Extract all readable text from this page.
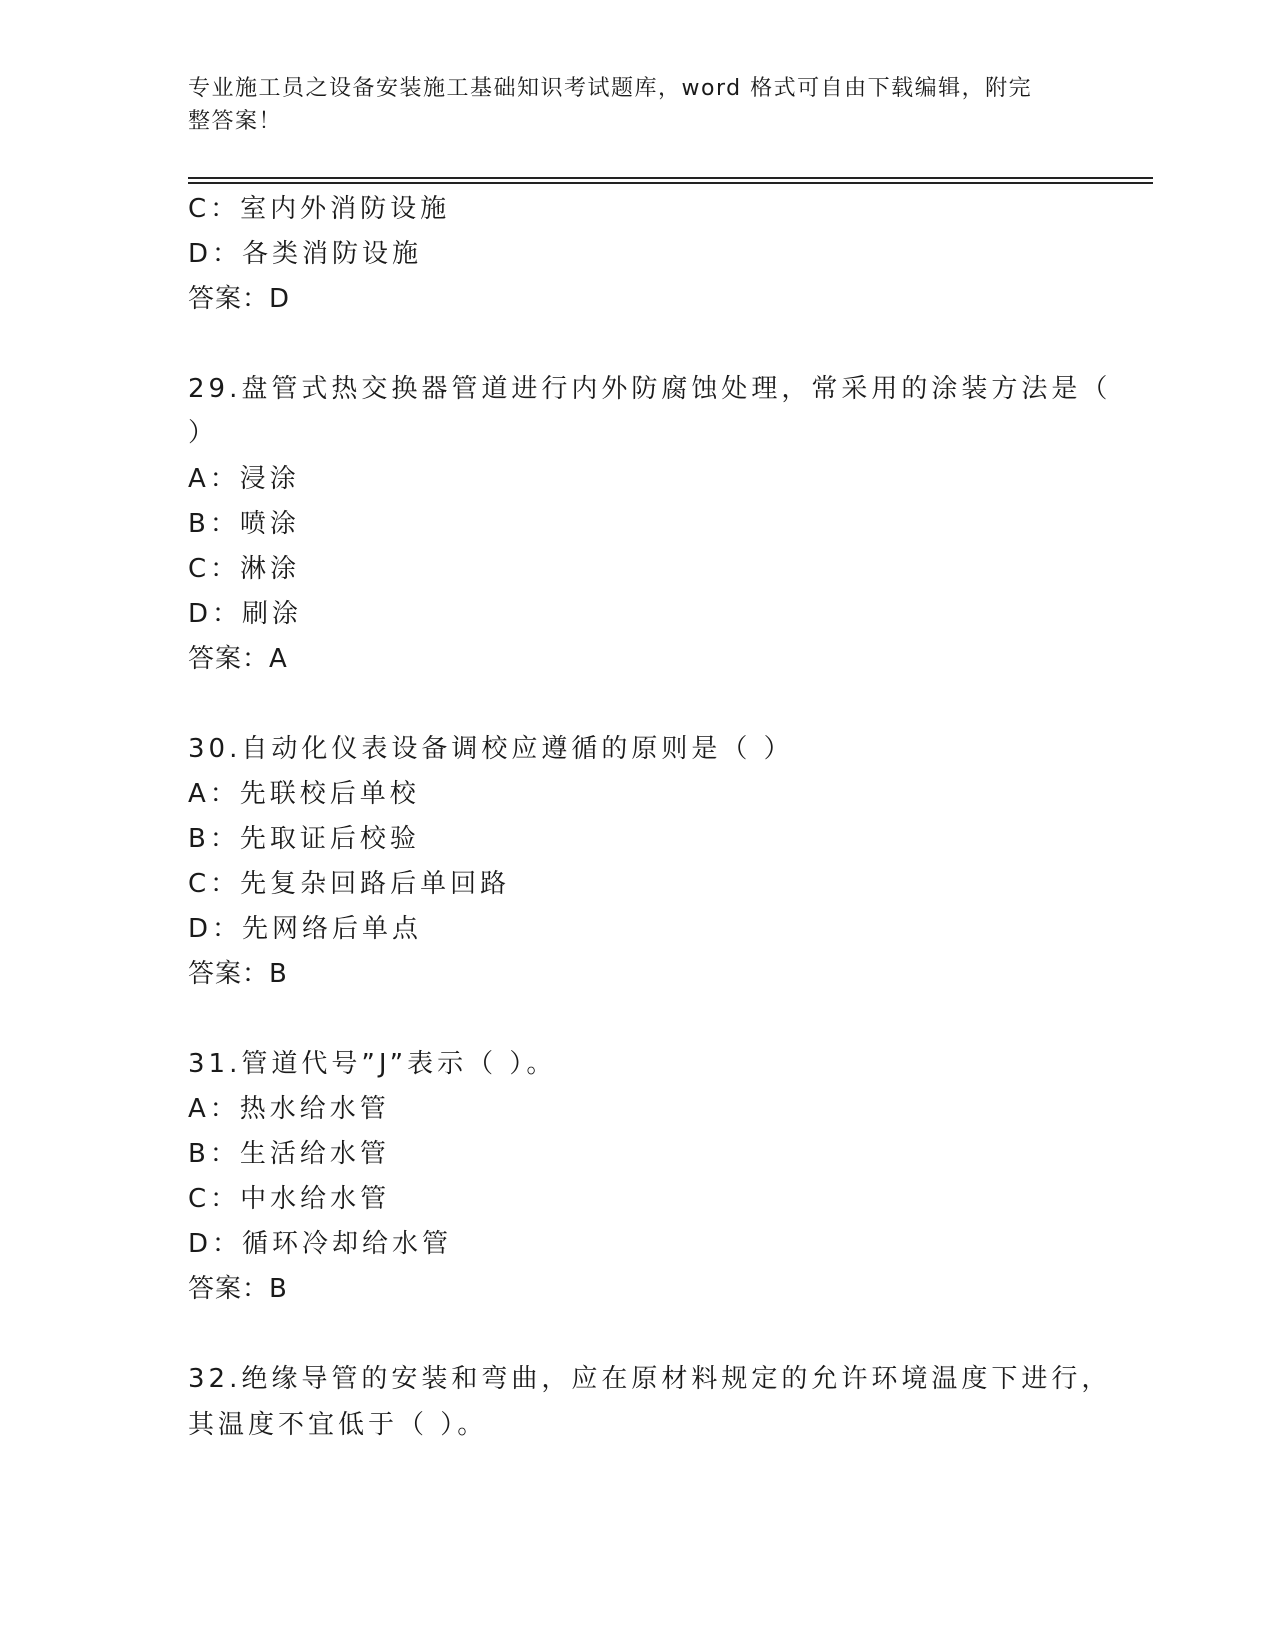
专业施工员之设备安装施工基础知识考试题库，word 格式可自由下载编辑，附完
整答案！
C：室内外消防设施
D：各类消防设施
答案：D
29.盘管式热交换器管道进行内外防腐蚀处理，常采用的涂装方法是（
）
A：浸涂
B：喷涂
C：淋涂
D：刷涂
答案：A
30.自动化仪表设备调校应遵循的原则是（ ）
A：先联校后单校
B：先取证后校验
C：先复杂回路后单回路
D：先网络后单点
答案：B
31.管道代号”J”表示（ ）。
A：热水给水管
B：生活给水管
C：中水给水管
D：循环冷却给水管
答案：B
32.绝缘导管的安装和弯曲，应在原材料规定的允许环境温度下进行，
其温度不宜低于（ ）。
